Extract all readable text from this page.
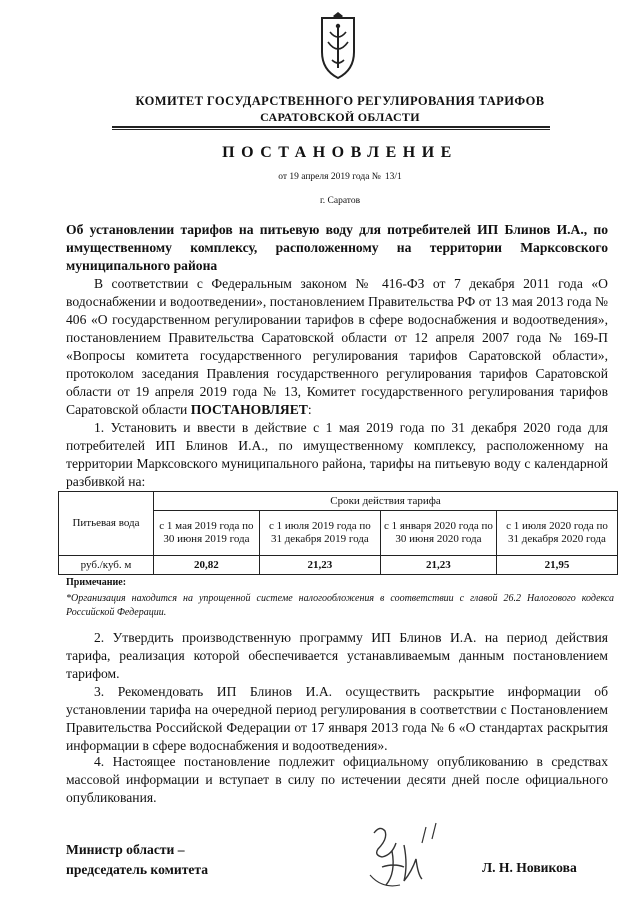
КОМИТЕТ ГОСУДАРСТВЕННОГО РЕГУЛИРОВАНИЯ ТАРИФОВ
САРАТОВСКОЙ ОБЛАСТИ
ПОСТАНОВЛЕНИЕ
от 19 апреля 2019 года № 13/1
г. Саратов
Об установлении тарифов на питьевую воду для потребителей ИП Блинов И.А., по имущественному комплексу, расположенному на территории Марксовского муниципального района
В соответствии с Федеральным законом № 416-ФЗ от 7 декабря 2011 года «О водоснабжении и водоотведении», постановлением Правительства РФ от 13 мая 2013 года № 406 «О государственном регулировании тарифов в сфере водоснабжения и водоотведения», постановлением Правительства Саратовской области от 12 апреля 2007 года № 169-П «Вопросы комитета государственного регулирования тарифов Саратовской области», протоколом заседания Правления государственного регулирования тарифов Саратовской области от 19 апреля 2019 года № 13, Комитет государственного регулирования тарифов Саратовской области ПОСТАНОВЛЯЕТ:
1. Установить и ввести в действие с 1 мая 2019 года по 31 декабря 2020 года для потребителей ИП Блинов И.А., по имущественному комплексу, расположенному на территории Марксовского муниципального района, тарифы на питьевую воду с календарной разбивкой на:
Питьевая вода	Сроки действия тарифа			
	с 1 мая 2019 года по 30 июня 2019 года	с 1 июля 2019 года по 31 декабря 2019 года	с 1 января 2020 года по 30 июня 2020 года	с 1 июля 2020 года по 31 декабря 2020 года
руб./куб. м	20,82	21,23	21,23	21,95
Примечание:
*Организация находится на упрощенной системе налогообложения в соответствии с главой 26.2 Налогового кодекса Российской Федерации.
2. Утвердить производственную программу ИП Блинов И.А. на период действия тарифа, реализация которой обеспечивается устанавливаемым данным постановлением тарифом.
3. Рекомендовать ИП Блинов И.А. осуществить раскрытие информации об установлении тарифа на очередной период регулирования в соответствии с Постановлением Правительства Российской Федерации от 17 января 2013 года № 6 «О стандартах раскрытия информации в сфере водоснабжения и водоотведения».
4. Настоящее постановление подлежит официальному опубликованию в средствах массовой информации и вступает в силу по истечении десяти дней после официального опубликования.
Министр области –
председатель комитета	Л. Н. Новикова
